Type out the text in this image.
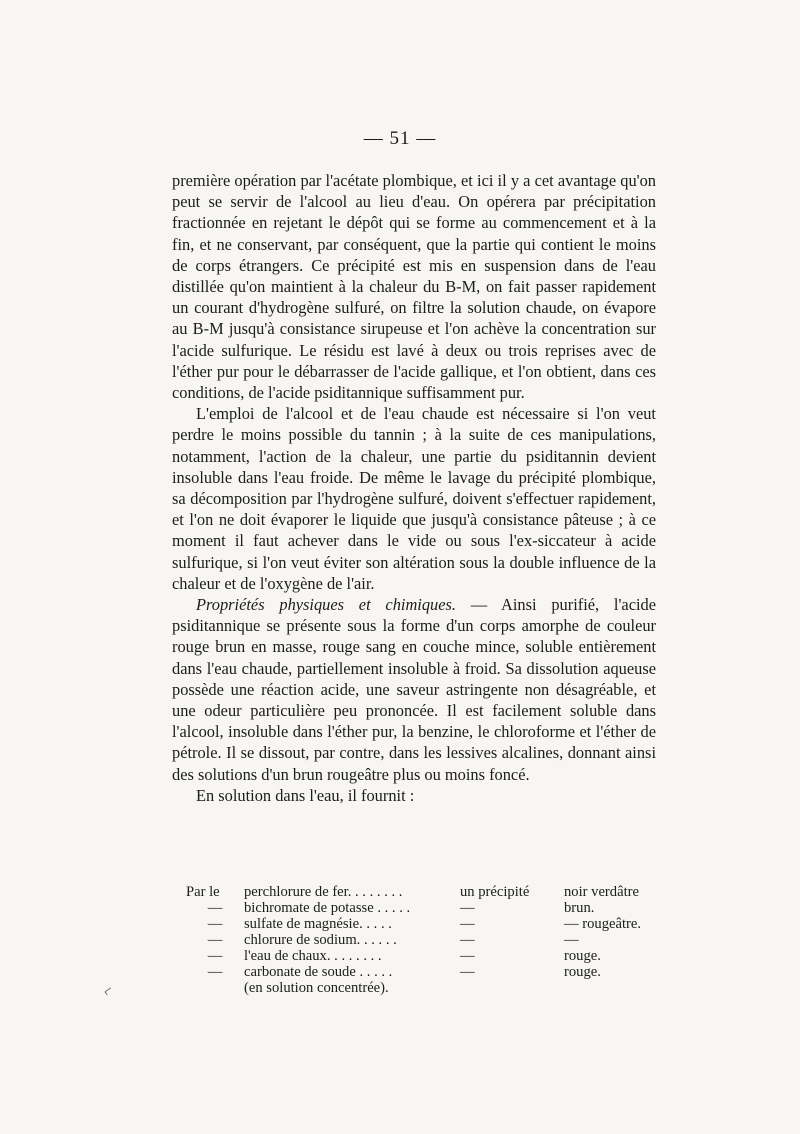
— 51 —

première opération par l'acétate plombique, et ici il y a cet avantage qu'on peut se servir de l'alcool au lieu d'eau. On opérera par précipitation fractionnée en rejetant le dépôt qui se forme au commencement et à la fin, et ne conservant, par conséquent, que la partie qui contient le moins de corps étrangers. Ce précipité est mis en suspension dans de l'eau distillée qu'on maintient à la chaleur du B-M, on fait passer rapidement un courant d'hydrogène sulfuré, on filtre la solution chaude, on évapore au B-M jusqu'à consistance sirupeuse et l'on achève la concentration sur l'acide sulfurique. Le résidu est lavé à deux ou trois reprises avec de l'éther pur pour le débarrasser de l'acide gallique, et l'on obtient, dans ces conditions, de l'acide psiditannique suffisamment pur.

L'emploi de l'alcool et de l'eau chaude est nécessaire si l'on veut perdre le moins possible du tannin ; à la suite de ces manipulations, notamment, l'action de la chaleur, une partie du psiditannin devient insoluble dans l'eau froide. De même le lavage du précipité plombique, sa décomposition par l'hydrogène sulfuré, doivent s'effectuer rapidement, et l'on ne doit évaporer le liquide que jusqu'à consistance pâteuse ; à ce moment il faut achever dans le vide ou sous l'ex-siccateur à acide sulfurique, si l'on veut éviter son altération sous la double influence de la chaleur et de l'oxygène de l'air.

Propriétés physiques et chimiques. — Ainsi purifié, l'acide psiditannique se présente sous la forme d'un corps amorphe de couleur rouge brun en masse, rouge sang en couche mince, soluble entièrement dans l'eau chaude, partiellement insoluble à froid. Sa dissolution aqueuse possède une réaction acide, une saveur astringente non désagréable, et une odeur particulière peu prononcée. Il est facilement soluble dans l'alcool, insoluble dans l'éther pur, la benzine, le chloroforme et l'éther de pétrole. Il se dissout, par contre, dans les lessives alcalines, donnant ainsi des solutions d'un brun rougeâtre plus ou moins foncé.

En solution dans l'eau, il fournit :

Par le	perchlorure de fer. . . . . . . .	un précipité	noir verdâtre
—	bichromate de potasse . . . . .	—	brun.
—	sulfate de magnésie. . . . .	—	— rougeâtre.
—	chlorure de sodium. . . . . .	—	—
—	l'eau de chaux. . . . . . . .	—	rouge.
—	carbonate de soude . . . . .	—	rouge.
	(en solution concentrée).		
⌐
